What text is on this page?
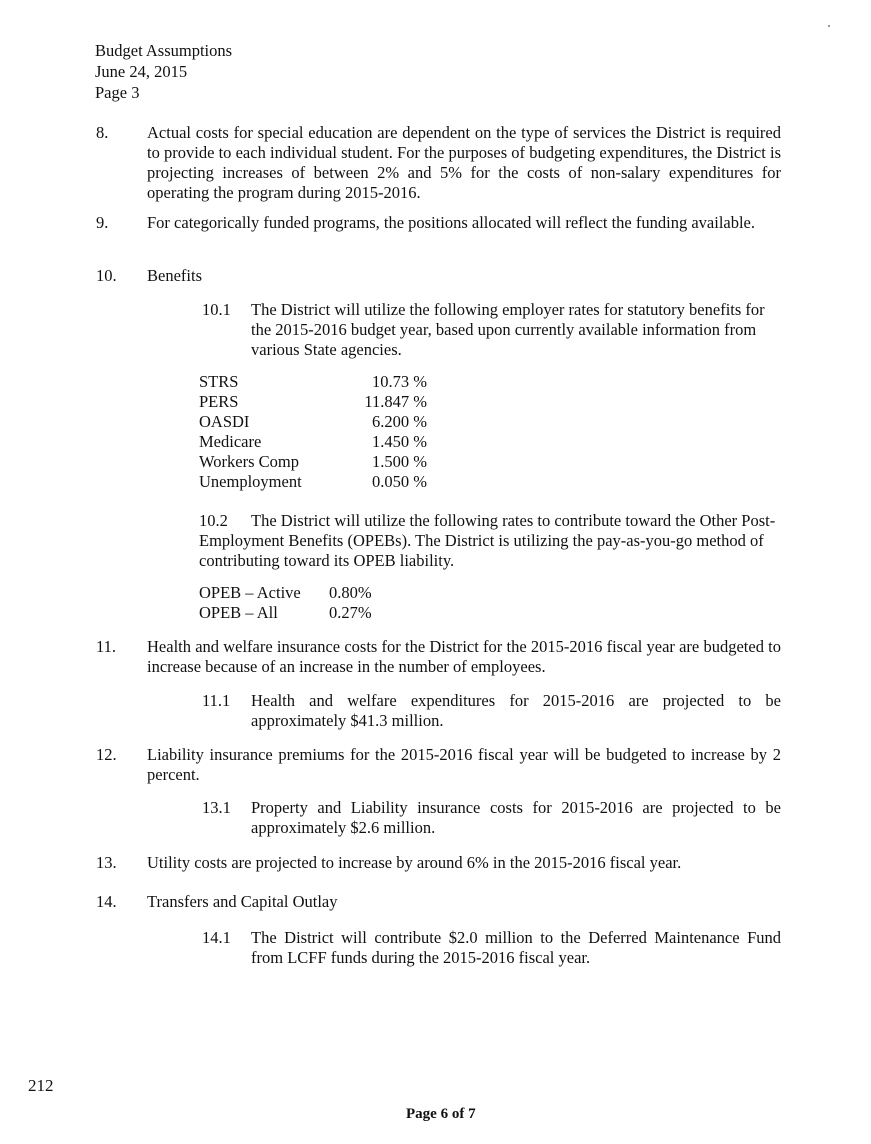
Budget Assumptions
June 24, 2015
Page 3
8. Actual costs for special education are dependent on the type of services the District is required to provide to each individual student. For the purposes of budgeting expenditures, the District is projecting increases of between 2% and 5% for the costs of non-salary expenditures for operating the program during 2015-2016.
9. For categorically funded programs, the positions allocated will reflect the funding available.
10. Benefits
10.1 The District will utilize the following employer rates for statutory benefits for the 2015-2016 budget year, based upon currently available information from various State agencies.
STRS	10.73 %
PERS	11.847 %
OASDI	6.200 %
Medicare	1.450 %
Workers Comp	1.500 %
Unemployment	0.050 %
10.2 The District will utilize the following rates to contribute toward the Other Post- Employment Benefits (OPEBs). The District is utilizing the pay-as-you-go method of contributing toward its OPEB liability.
OPEB – Active	0.80%
OPEB – All	0.27%
11. Health and welfare insurance costs for the District for the 2015-2016 fiscal year are budgeted to increase because of an increase in the number of employees.
11.1 Health and welfare expenditures for 2015-2016 are projected to be approximately $41.3 million.
12. Liability insurance premiums for the 2015-2016 fiscal year will be budgeted to increase by 2 percent.
13.1 Property and Liability insurance costs for 2015-2016 are projected to be approximately $2.6 million.
13. Utility costs are projected to increase by around 6% in the 2015-2016 fiscal year.
14. Transfers and Capital Outlay
14.1 The District will contribute $2.0 million to the Deferred Maintenance Fund from LCFF funds during the 2015-2016 fiscal year.
212
Page 6 of 7
